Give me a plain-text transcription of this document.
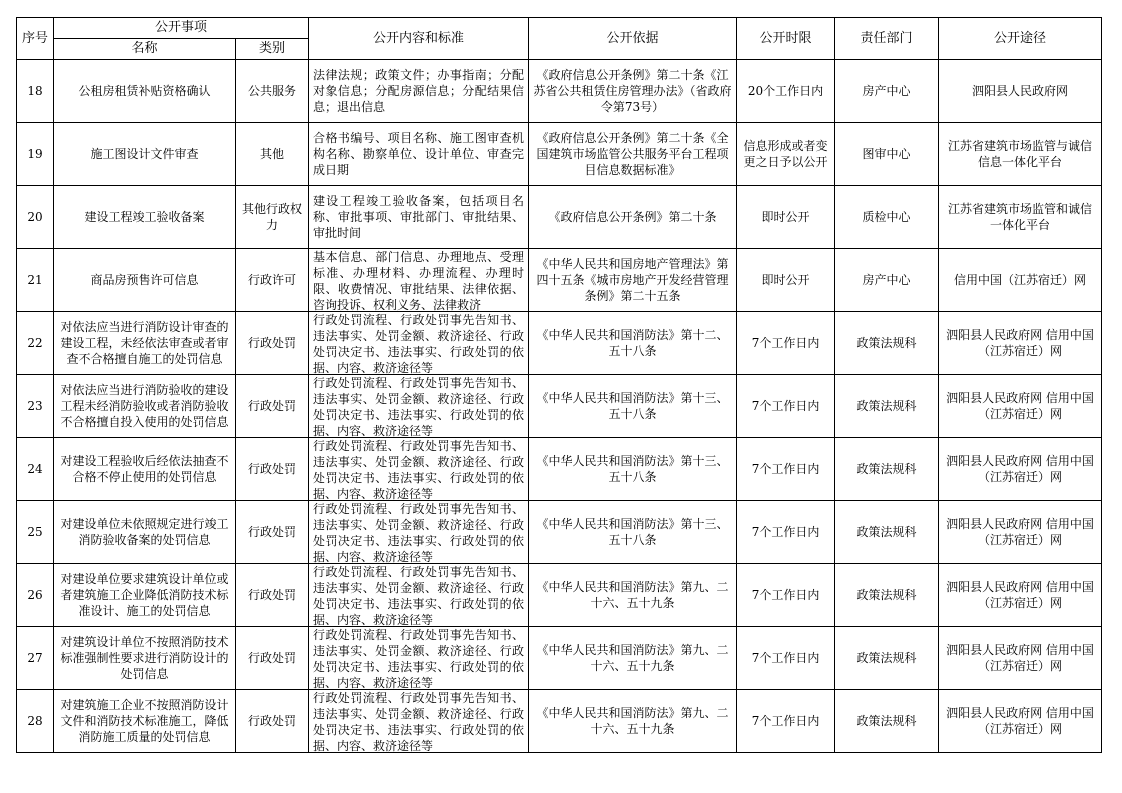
序号	公开事项		公开内容和标准	公开依据	公开时限	责任部门	公开途径
	名称	类别					

18	公租房租赁补贴资格确认	公共服务	法律法规；政策文件；办事指南；分配对象信息；分配房源信息；分配结果信息；退出信息	《政府信息公开条例》第二十条《江苏省公共租赁住房管理办法》（省政府令第73号）	20个工作日内	房产中心	泗阳县人民政府网

19	施工图设计文件审查	其他	合格书编号、项目名称、施工图审查机构名称、勘察单位、设计单位、审查完成日期	《政府信息公开条例》第二十条《全国建筑市场监管公共服务平台工程项目信息数据标准》	信息形成或者变更之日予以公开	图审中心	江苏省建筑市场监管与诚信信息一体化平台

20	建设工程竣工验收备案	其他行政权力	建设工程竣工验收备案，包括项目名称、审批事项、审批部门、审批结果、审批时间	《政府信息公开条例》第二十条	即时公开	质检中心	江苏省建筑市场监管和诚信一体化平台

21	商品房预售许可信息	行政许可	基本信息、部门信息、办理地点、受理标准、办理材料、办理流程、办理时限、收费情况、审批结果、法律依据、咨询投诉、权利义务、法律救济	《中华人民共和国房地产管理法》第四十五条《城市房地产开发经营管理条例》第二十五条	即时公开	房产中心	信用中国（江苏宿迁）网

22	对依法应当进行消防设计审查的建设工程，未经依法审查或者审查不合格擅自施工的处罚信息	行政处罚	行政处罚流程、行政处罚事先告知书、违法事实、处罚金额、救济途径、行政处罚决定书、违法事实、行政处罚的依据、内容、救济途径等	《中华人民共和国消防法》第十二、五十八条	7个工作日内	政策法规科	泗阳县人民政府网 信用中国（江苏宿迁）网

23	对依法应当进行消防验收的建设工程未经消防验收或者消防验收不合格擅自投入使用的处罚信息	行政处罚	行政处罚流程、行政处罚事先告知书、违法事实、处罚金额、救济途径、行政处罚决定书、违法事实、行政处罚的依据、内容、救济途径等	《中华人民共和国消防法》第十三、五十八条	7个工作日内	政策法规科	泗阳县人民政府网 信用中国（江苏宿迁）网

24	对建设工程验收后经依法抽查不合格不停止使用的处罚信息	行政处罚	行政处罚流程、行政处罚事先告知书、违法事实、处罚金额、救济途径、行政处罚决定书、违法事实、行政处罚的依据、内容、救济途径等	《中华人民共和国消防法》第十三、五十八条	7个工作日内	政策法规科	泗阳县人民政府网 信用中国（江苏宿迁）网

25	对建设单位未依照规定进行竣工消防验收备案的处罚信息	行政处罚	行政处罚流程、行政处罚事先告知书、违法事实、处罚金额、救济途径、行政处罚决定书、违法事实、行政处罚的依据、内容、救济途径等	《中华人民共和国消防法》第十三、五十八条	7个工作日内	政策法规科	泗阳县人民政府网 信用中国（江苏宿迁）网

26	对建设单位要求建筑设计单位或者建筑施工企业降低消防技术标准设计、施工的处罚信息	行政处罚	行政处罚流程、行政处罚事先告知书、违法事实、处罚金额、救济途径、行政处罚决定书、违法事实、行政处罚的依据、内容、救济途径等	《中华人民共和国消防法》第九、二十六、五十九条	7个工作日内	政策法规科	泗阳县人民政府网 信用中国（江苏宿迁）网

27	对建筑设计单位不按照消防技术标准强制性要求进行消防设计的处罚信息	行政处罚	行政处罚流程、行政处罚事先告知书、违法事实、处罚金额、救济途径、行政处罚决定书、违法事实、行政处罚的依据、内容、救济途径等	《中华人民共和国消防法》第九、二十六、五十九条	7个工作日内	政策法规科	泗阳县人民政府网 信用中国（江苏宿迁）网

28	对建筑施工企业不按照消防设计文件和消防技术标准施工，降低消防施工质量的处罚信息	行政处罚	行政处罚流程、行政处罚事先告知书、违法事实、处罚金额、救济途径、行政处罚决定书、违法事实、行政处罚的依据、内容、救济途径等	《中华人民共和国消防法》第九、二十六、五十九条	7个工作日内	政策法规科	泗阳县人民政府网 信用中国（江苏宿迁）网
